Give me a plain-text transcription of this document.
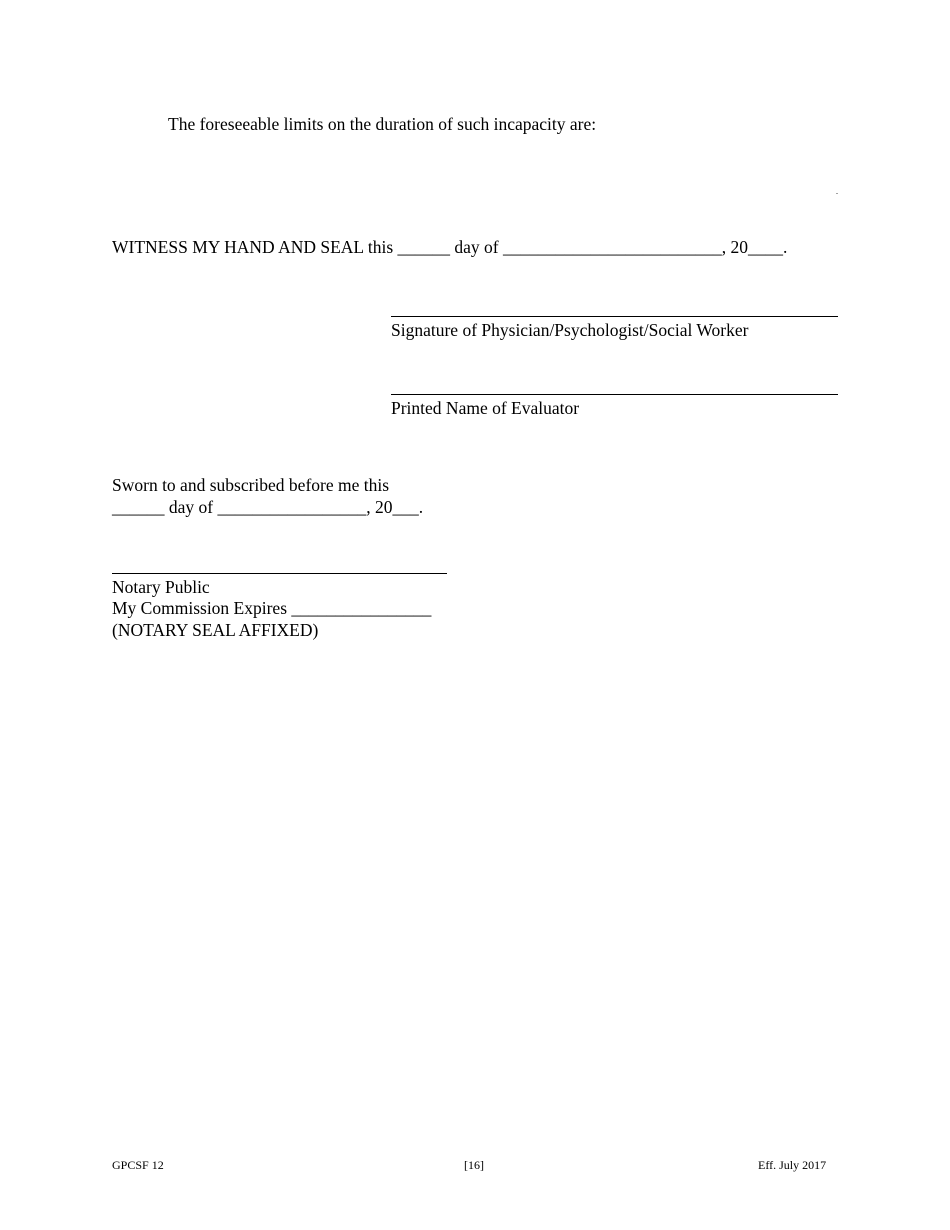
The foreseeable limits on the duration of such incapacity are:

.

WITNESS MY HAND AND SEAL this ______ day of _________________________, 20____.

Signature of Physician/Psychologist/Social Worker

Printed Name of Evaluator

Sworn to and subscribed before me this

______ day of _________________, 20___.

Notary Public

My Commission Expires ________________

(NOTARY SEAL AFFIXED)

GPCSF 12	[16]	Eff. July 2017
